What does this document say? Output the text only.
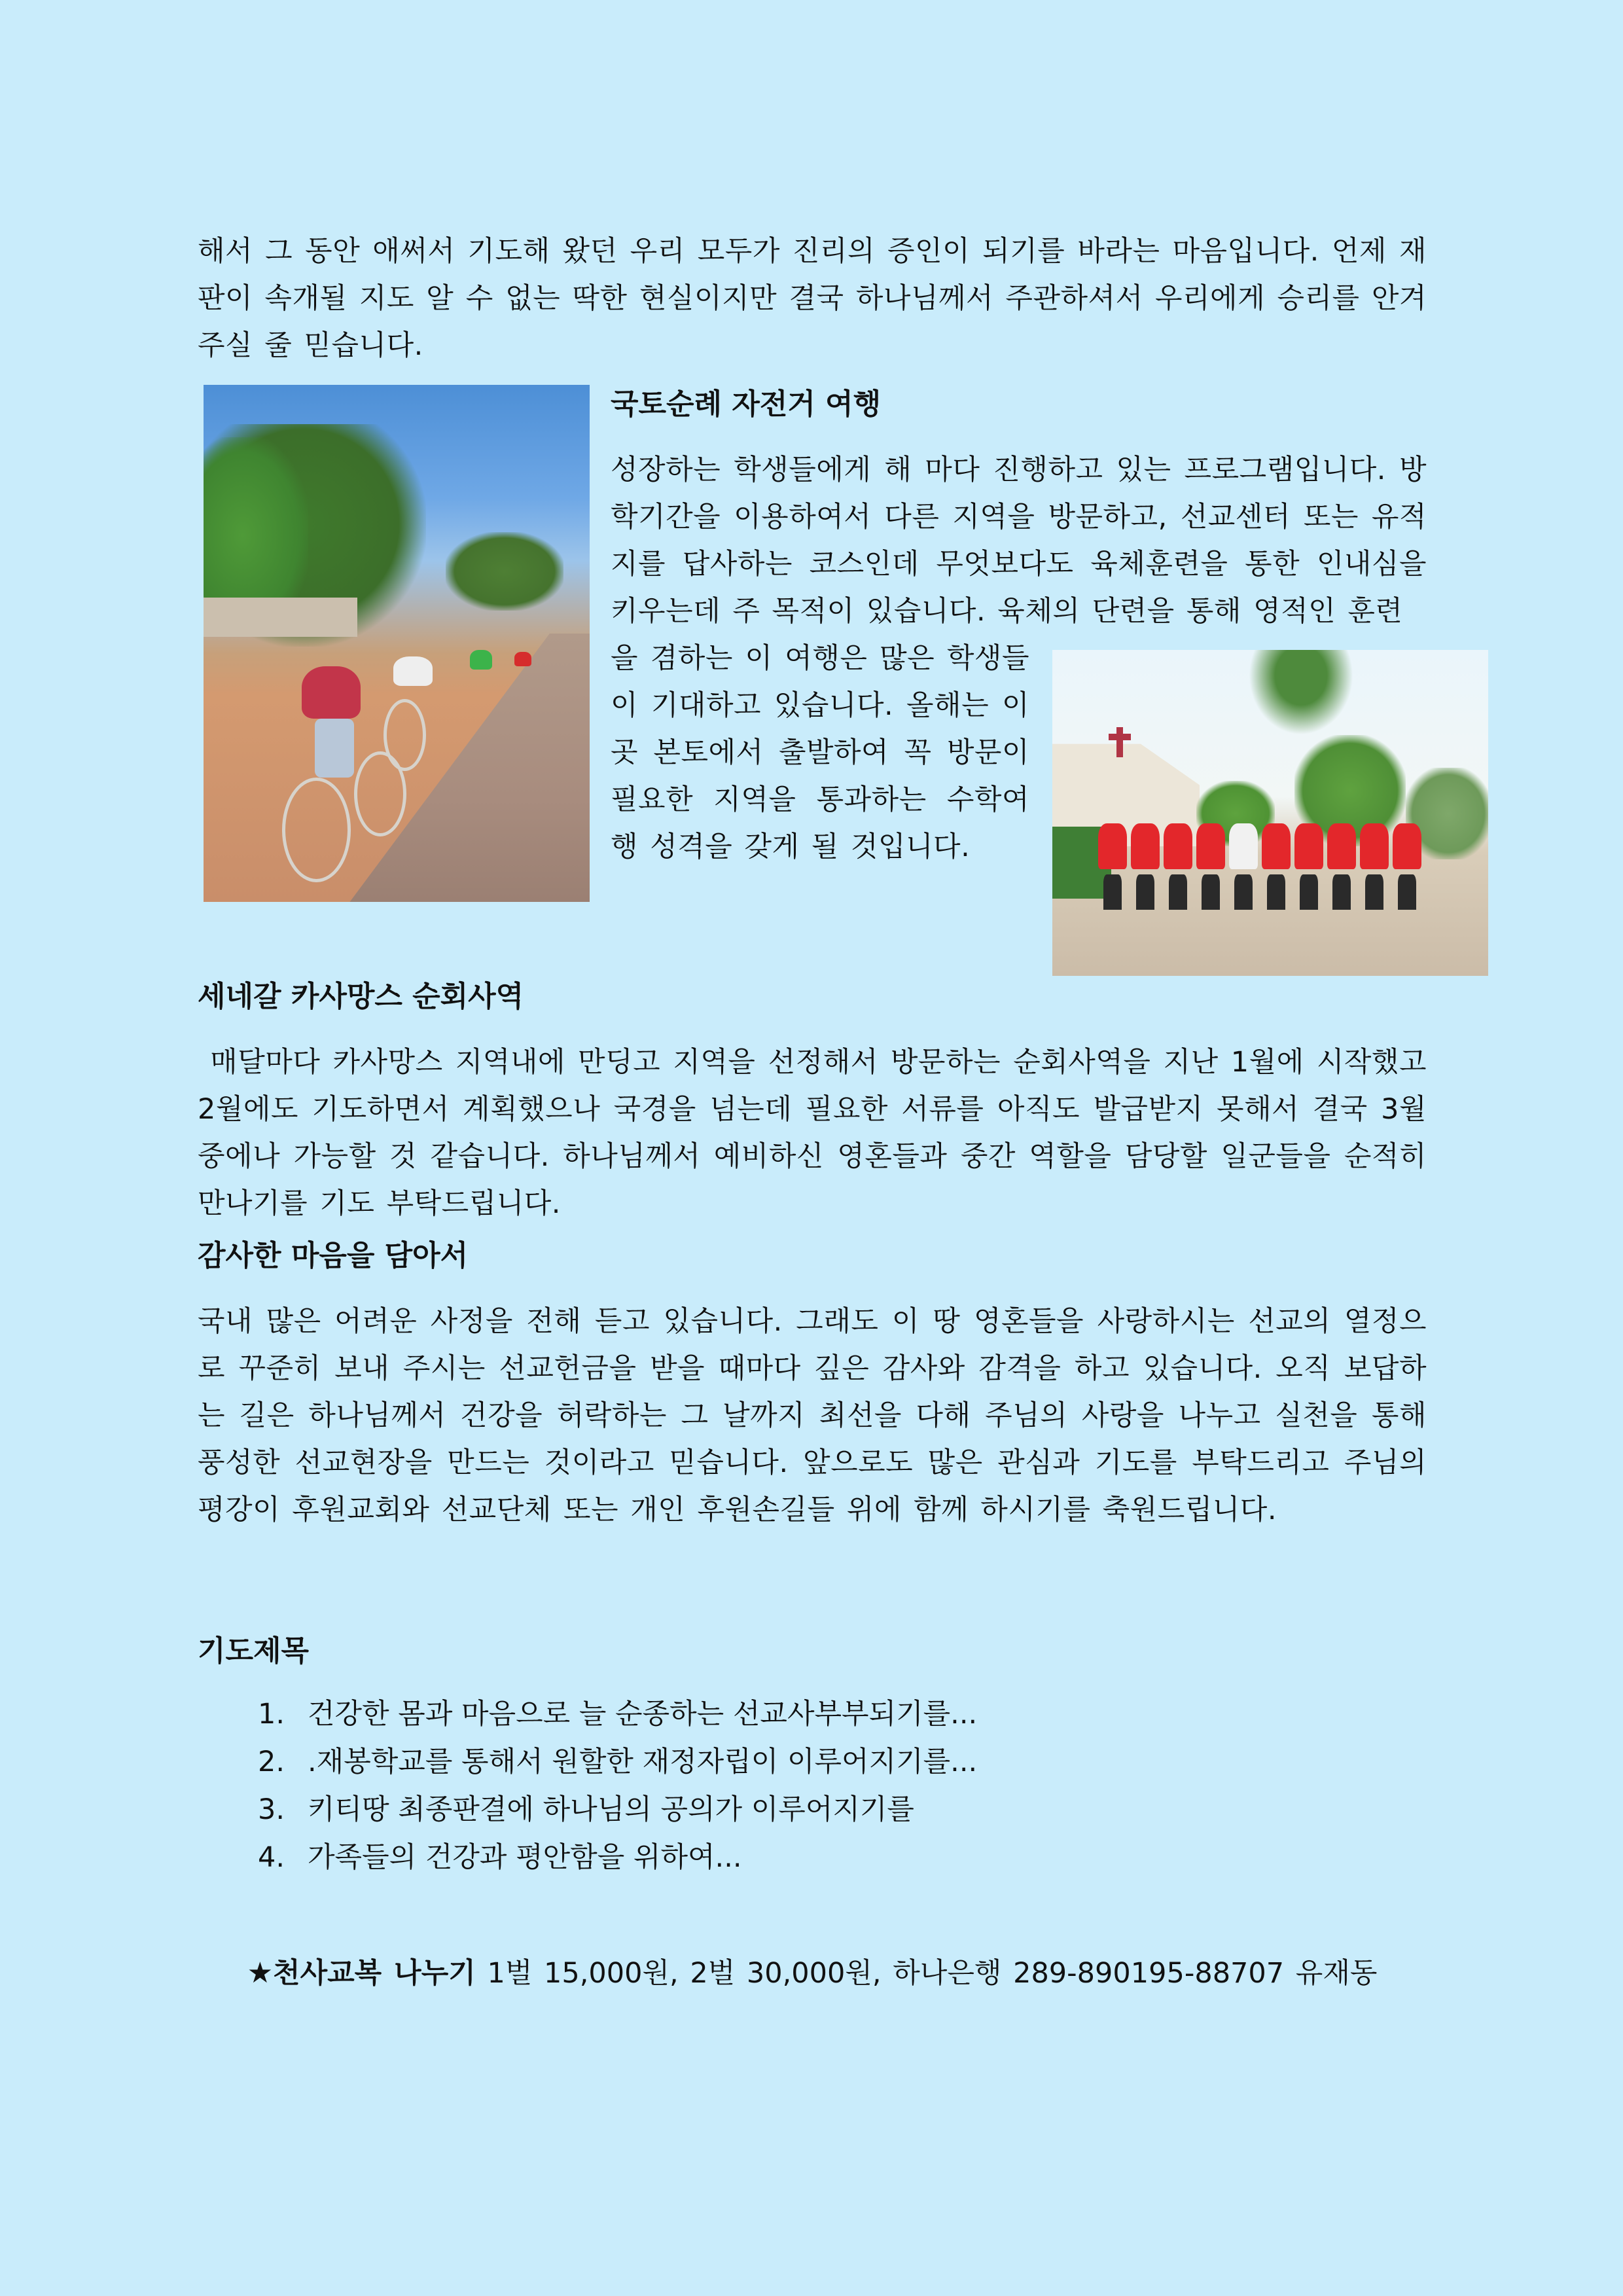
해서 그 동안 애써서 기도해 왔던 우리 모두가 진리의 증인이 되기를 바라는 마음입니다. 언제 재판이 속개될 지도 알 수 없는 딱한 현실이지만 결국 하나님께서 주관하셔서 우리에게 승리를 안겨주실 줄 믿습니다.

국토순례 자전거 여행

성장하는 학생들에게 해 마다 진행하고 있는 프로그램입니다. 방학기간을 이용하여서 다른 지역을 방문하고, 선교센터 또는 유적지를 답사하는 코스인데 무엇보다도 육체훈련을 통한 인내심을 키우는데 주 목적이 있습니다. 육체의 단련을 통해 영적인 훈련

을 겸하는 이 여행은 많은 학생들이 기대하고 있습니다. 올해는 이곳 본토에서 출발하여 꼭 방문이 필요한 지역을 통과하는 수학여행 성격을 갖게 될 것입니다.

세네갈 카사망스 순회사역

매달마다 카사망스 지역내에 만딩고 지역을 선정해서 방문하는 순회사역을 지난 1월에 시작했고 2월에도 기도하면서 계획했으나 국경을 넘는데 필요한 서류를 아직도 발급받지 못해서 결국 3월 중에나 가능할 것 같습니다. 하나님께서 예비하신 영혼들과 중간 역할을 담당할 일군들을 순적히 만나기를 기도 부탁드립니다.

감사한 마음을 담아서

국내 많은 어려운 사정을 전해 듣고 있습니다. 그래도 이 땅 영혼들을 사랑하시는 선교의 열정으로 꾸준히 보내 주시는 선교헌금을 받을 때마다 깊은 감사와 감격을 하고 있습니다. 오직 보답하는 길은 하나님께서 건강을 허락하는 그 날까지 최선을 다해 주님의 사랑을 나누고 실천을 통해 풍성한 선교현장을 만드는 것이라고 믿습니다. 앞으로도 많은 관심과 기도를 부탁드리고 주님의 평강이 후원교회와 선교단체 또는 개인 후원손길들 위에 함께 하시기를 축원드립니다.

기도제목
1. 건강한 몸과 마음으로 늘 순종하는 선교사부부되기를...
2. .재봉학교를 통해서 원할한 재정자립이 이루어지기를...
3. 키티땅 최종판결에 하나님의 공의가 이루어지기를
4. 가족들의 건강과 평안함을 위하여...
★천사교복 나누기 1벌 15,000원, 2벌 30,000원, 하나은행 289-890195-88707 유재동
